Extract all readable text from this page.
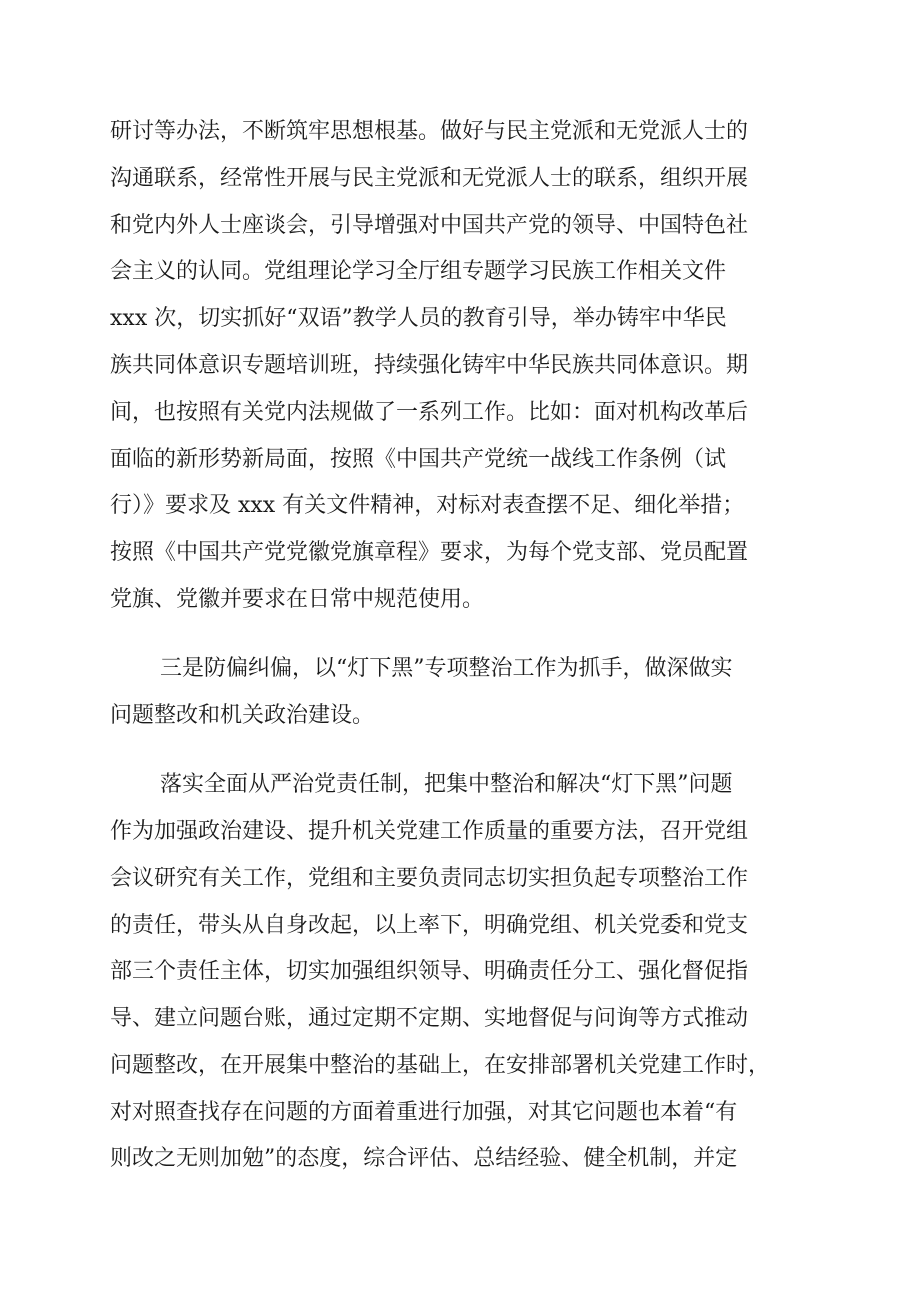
研讨等办法，不断筑牢思想根基。做好与民主党派和无党派人士的
沟通联系，经常性开展与民主党派和无党派人士的联系，组织开展
和党内外人士座谈会，引导增强对中国共产党的领导、中国特色社
会主义的认同。党组理论学习全厅组专题学习民族工作相关文件
xxx 次，切实抓好“双语”教学人员的教育引导，举办铸牢中华民
族共同体意识专题培训班，持续强化铸牢中华民族共同体意识。期
间，也按照有关党内法规做了一系列工作。比如：面对机构改革后
面临的新形势新局面，按照《中国共产党统一战线工作条例（试
行）》要求及 xxx 有关文件精神，对标对表查摆不足、细化举措；
按照《中国共产党党徽党旗章程》要求，为每个党支部、党员配置
党旗、党徽并要求在日常中规范使用。
三是防偏纠偏，以“灯下黑”专项整治工作为抓手，做深做实
问题整改和机关政治建设。
落实全面从严治党责任制，把集中整治和解决“灯下黑”问题
作为加强政治建设、提升机关党建工作质量的重要方法，召开党组
会议研究有关工作，党组和主要负责同志切实担负起专项整治工作
的责任，带头从自身改起，以上率下，明确党组、机关党委和党支
部三个责任主体，切实加强组织领导、明确责任分工、强化督促指
导、建立问题台账，通过定期不定期、实地督促与问询等方式推动
问题整改，在开展集中整治的基础上，在安排部署机关党建工作时，
对对照查找存在问题的方面着重进行加强，对其它问题也本着“有
则改之无则加勉”的态度，综合评估、总结经验、健全机制，并定
